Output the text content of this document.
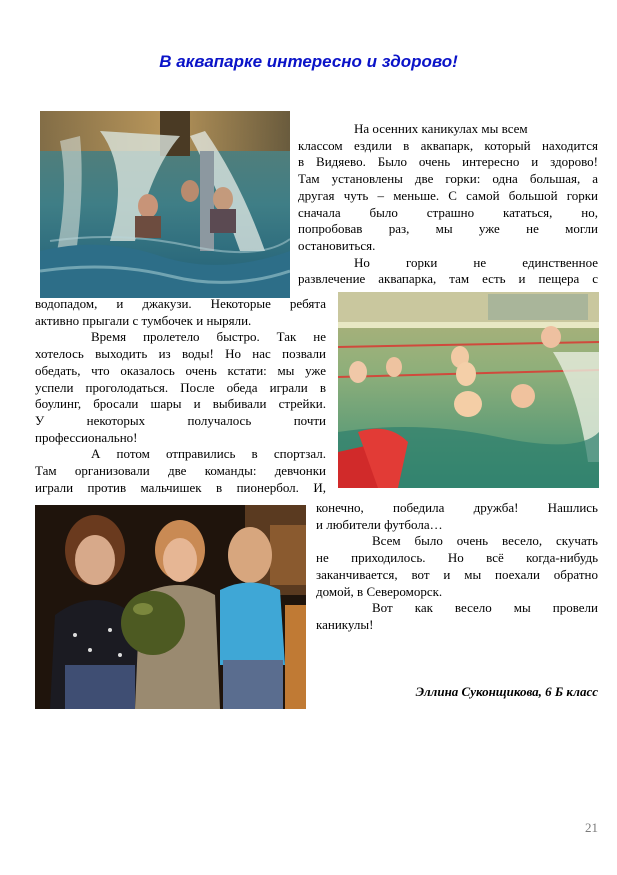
В аквапарке интересно и здорово!
На осенних каникулах мы всем
классом ездили в аквапарк, который находится
в Видяево. Было очень интересно и здорово!
Там установлены две горки: одна большая, а
другая чуть – меньше. С самой большой горки
сначала было страшно кататься, но,
попробовав раз, мы уже не могли
остановиться.
Но горки не единственное
развлечение аквапарка, там есть и пещера с
водопадом, и джакузи. Некоторые ребята
активно прыгали с тумбочек и ныряли.
Время пролетело быстро. Так не
хотелось выходить из воды! Но нас позвали
обедать, что оказалось очень кстати: мы уже
успели проголодаться. После обеда играли в
боулинг, бросали шары и выбивали стрейки.
У некоторых получалось почти
профессионально!
А потом отправились в спортзал.
Там организовали две команды: девчонки
играли против мальчишек в пионербол. И,
конечно, победила дружба! Нашлись
и любители футбола…
Всем было очень весело, скучать
не приходилось. Но всё когда-нибудь
заканчивается, вот и мы поехали обратно
домой, в Североморск.
Вот как весело мы провели
каникулы!

Эллина Суконщикова, 6 Б класс

21
